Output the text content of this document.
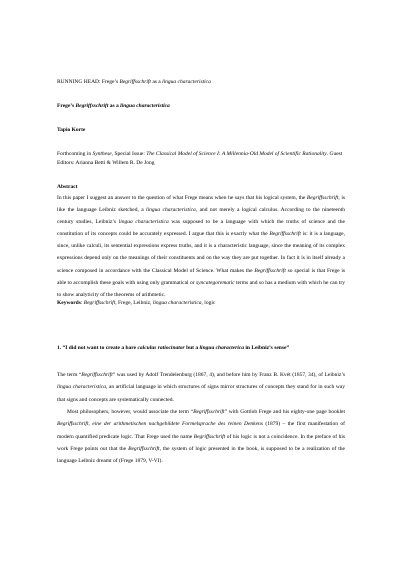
RUNNING HEAD: Frege’s Begriffsschrift as a lingua characteristica

Frege’s Begriffsschrift as a lingua characteristica

Tapio Korte

Forthcoming in Synthese, Special Issue: The Classical Model of Science I: A Millennia-Old Model of Scientific Rationality. Guest Editors: Arianna Betti & Willem R. De Jong

Abstract

In this paper I suggest an answer to the question of what Frege means when he says that his logical system, the Begriffsschrift, is like the language Leibniz sketched, a lingua characteristica, and not merely a logical calculus. According to the nineteenth century studies, Leibniz’s lingua characteristica was supposed to be a language with which the truths of science and the constitution of its concepts could be accurately expressed. I argue that this is exactly what the Begriffsschrift is: it is a language, since, unlike calculi, its sentential expressions express truths, and it is a characteristic language, since the meaning of its complex expressions depend only on the meanings of their constituents and on the way they are put together. In fact it is in itself already a science composed in accordance with the Classical Model of Science. What makes the Begriffsschrift so special is that Frege is able to accomplish these goals with using only grammatical or syncategorematic terms and so has a medium with which he can try to show analyticity of the theorems of arithmetic.

Keywords: Begriffsschrift, Frege, Leibniz, lingua characteristica, logic

1. “I did not want to create a bare calculus ratiocinator but a lingua characterica in Leibniz’s sense”

The term “Begriffsschrift” was used by Adolf Trendelenburg (1867, 4), and before him by Franz B. Kvét (1857, 34), of Leibniz’s lingua characteristica, an artificial language in which structures of signs mirror structures of concepts they stand for in such way that signs and concepts are systematically connected.

Most philosophers, however, would associate the term “Begriffsschrift” with Gottlob Frege and his eighty-one page booklet Begriffsschrift, eine der arithmetischen nachgebildete Formelsprache des reinen Denkens (1879) – the first manifestation of modern quantified predicate logic. That Frege used the name Begriffsschrift of his logic is not a coincidence. In the preface of his work Frege points out that the Begriffsschrift, the system of logic presented in the book, is supposed to be a realization of the language Leibniz dreamt of (Frege 1879, V-VI).
